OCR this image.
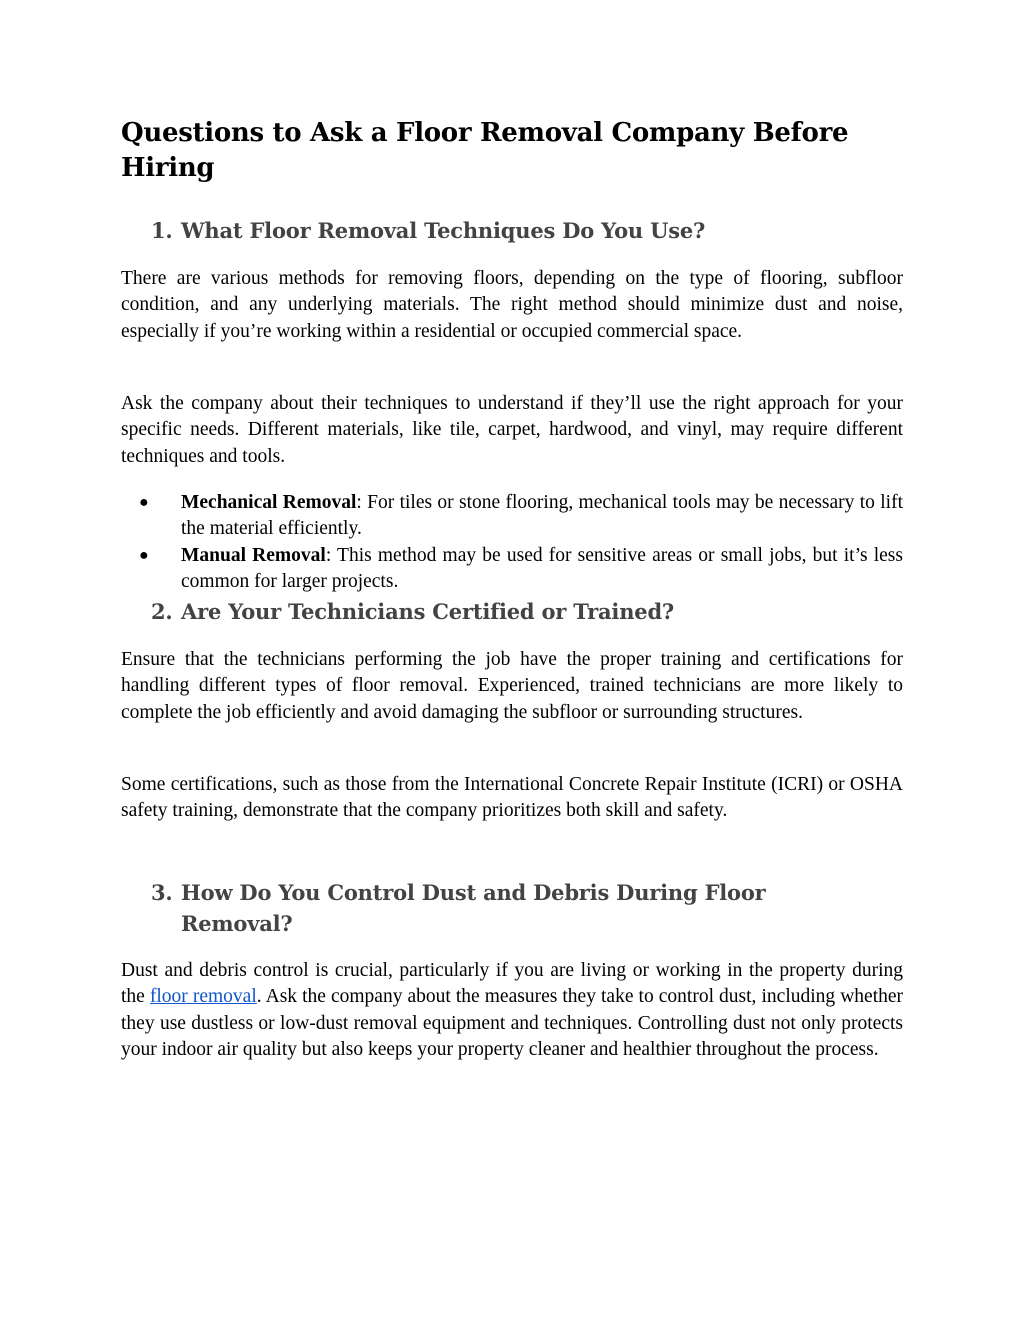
Questions to Ask a Floor Removal Company Before Hiring
1. What Floor Removal Techniques Do You Use?

There are various methods for removing floors, depending on the type of flooring, subfloor condition, and any underlying materials. The right method should minimize dust and noise, especially if you’re working within a residential or occupied commercial space.

Ask the company about their techniques to understand if they’ll use the right approach for your specific needs. Different materials, like tile, carpet, hardwood, and vinyl, may require different techniques and tools.

● Mechanical Removal: For tiles or stone flooring, mechanical tools may be necessary to lift the material efficiently.
● Manual Removal: This method may be used for sensitive areas or small jobs, but it’s less common for larger projects.
2. Are Your Technicians Certified or Trained?

Ensure that the technicians performing the job have the proper training and certifications for handling different types of floor removal. Experienced, trained technicians are more likely to complete the job efficiently and avoid damaging the subfloor or surrounding structures.

Some certifications, such as those from the International Concrete Repair Institute (ICRI) or OSHA safety training, demonstrate that the company prioritizes both skill and safety.

3. How Do You Control Dust and Debris During Floor Removal?

Dust and debris control is crucial, particularly if you are living or working in the property during the floor removal. Ask the company about the measures they take to control dust, including whether they use dustless or low-dust removal equipment and techniques. Controlling dust not only protects your indoor air quality but also keeps your property cleaner and healthier throughout the process.
